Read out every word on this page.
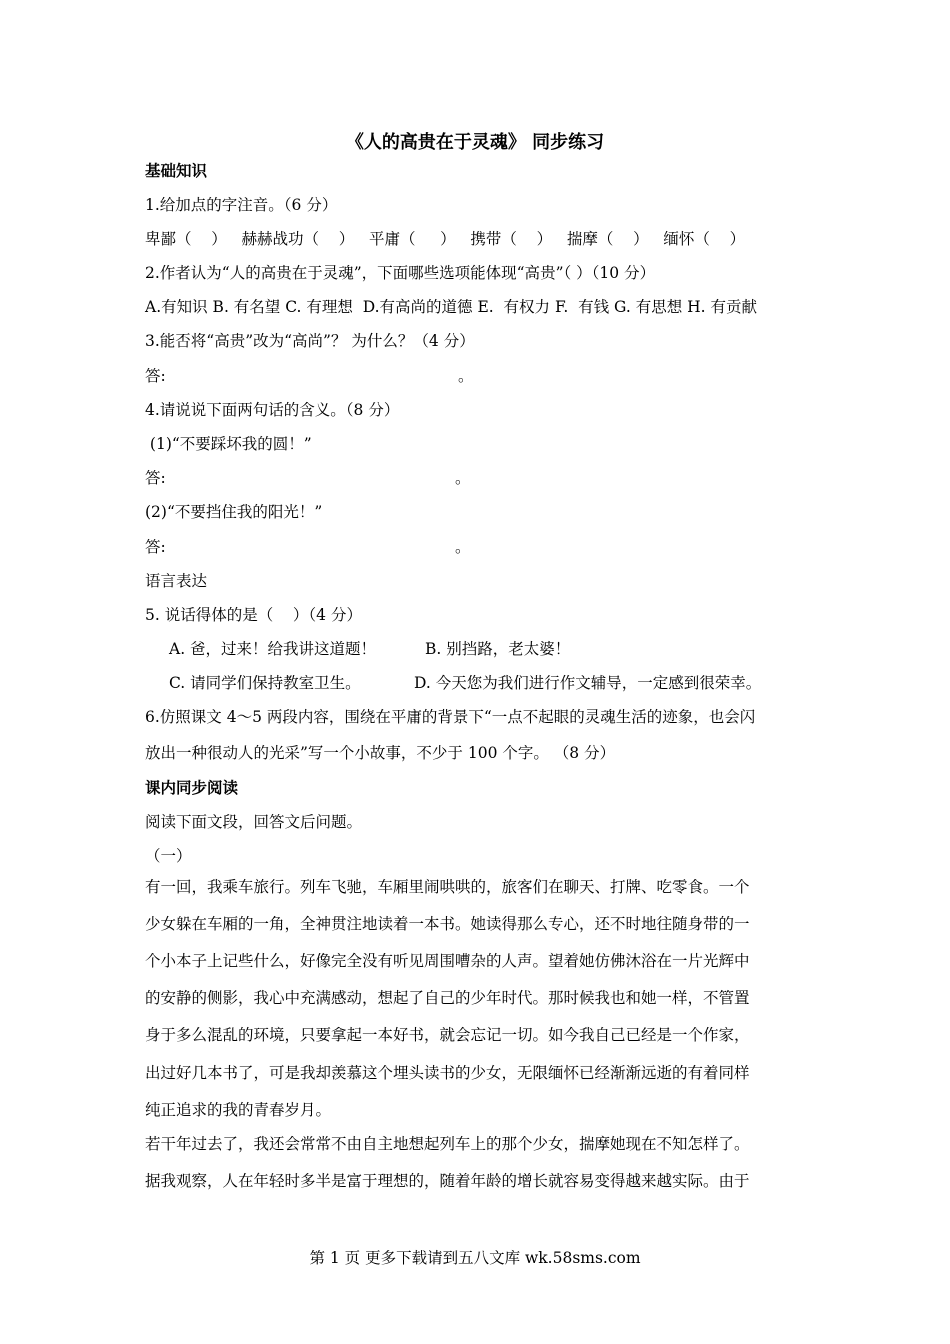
《人的高贵在于灵魂》 同步练习
基础知识
1.给加点的字注音。（6 分）
卑鄙（    ）   赫赫战功（    ）   平庸（     ）   携带（    ）   揣摩（    ）   缅怀（    ）
2.作者认为“人的高贵在于灵魂”，下面哪些选项能体现“高贵”（ ）（10 分）
A.有知识 B. 有名望 C. 有理想  D.有高尚的道德 E.  有权力 F.  有钱 G. 有思想 H. 有贡献
3.能否将“高贵”改为“高尚”？ 为什么？（4 分）
答:	。
4.请说说下面两句话的含义。（8 分）
(1)“不要踩坏我的圆！”
答:	。
(2)“不要挡住我的阳光！”
答:	。
语言表达
5. 说话得体的是（    ）（4 分）
A. 爸，过来！给我讲这道题！	B. 别挡路，老太婆！
C. 请同学们保持教室卫生。	D. 今天您为我们进行作文辅导，一定感到很荣幸。
6.仿照课文 4～5 两段内容，围绕在平庸的背景下“一点不起眼的灵魂生活的迹象，也会闪
放出一种很动人的光采”写一个小故事，不少于 100 个字。 （8 分）
课内同步阅读
阅读下面文段，回答文后问题。
（一）
有一回，我乘车旅行。列车飞驰，车厢里闹哄哄的，旅客们在聊天、打牌、吃零食。一个
少女躲在车厢的一角，全神贯注地读着一本书。她读得那么专心，还不时地往随身带的一
个小本子上记些什么，好像完全没有听见周围嘈杂的人声。望着她仿佛沐浴在一片光辉中
的安静的侧影，我心中充满感动，想起了自己的少年时代。那时候我也和她一样，不管置
身于多么混乱的环境，只要拿起一本好书，就会忘记一切。如今我自己已经是一个作家，
出过好几本书了，可是我却羡慕这个埋头读书的少女，无限缅怀已经渐渐远逝的有着同样
纯正追求的我的青春岁月。
若干年过去了，我还会常常不由自主地想起列车上的那个少女，揣摩她现在不知怎样了。
据我观察，人在年轻时多半是富于理想的，随着年龄的增长就容易变得越来越实际。由于
第 1 页 更多下载请到五八文库 wk.58sms.com
